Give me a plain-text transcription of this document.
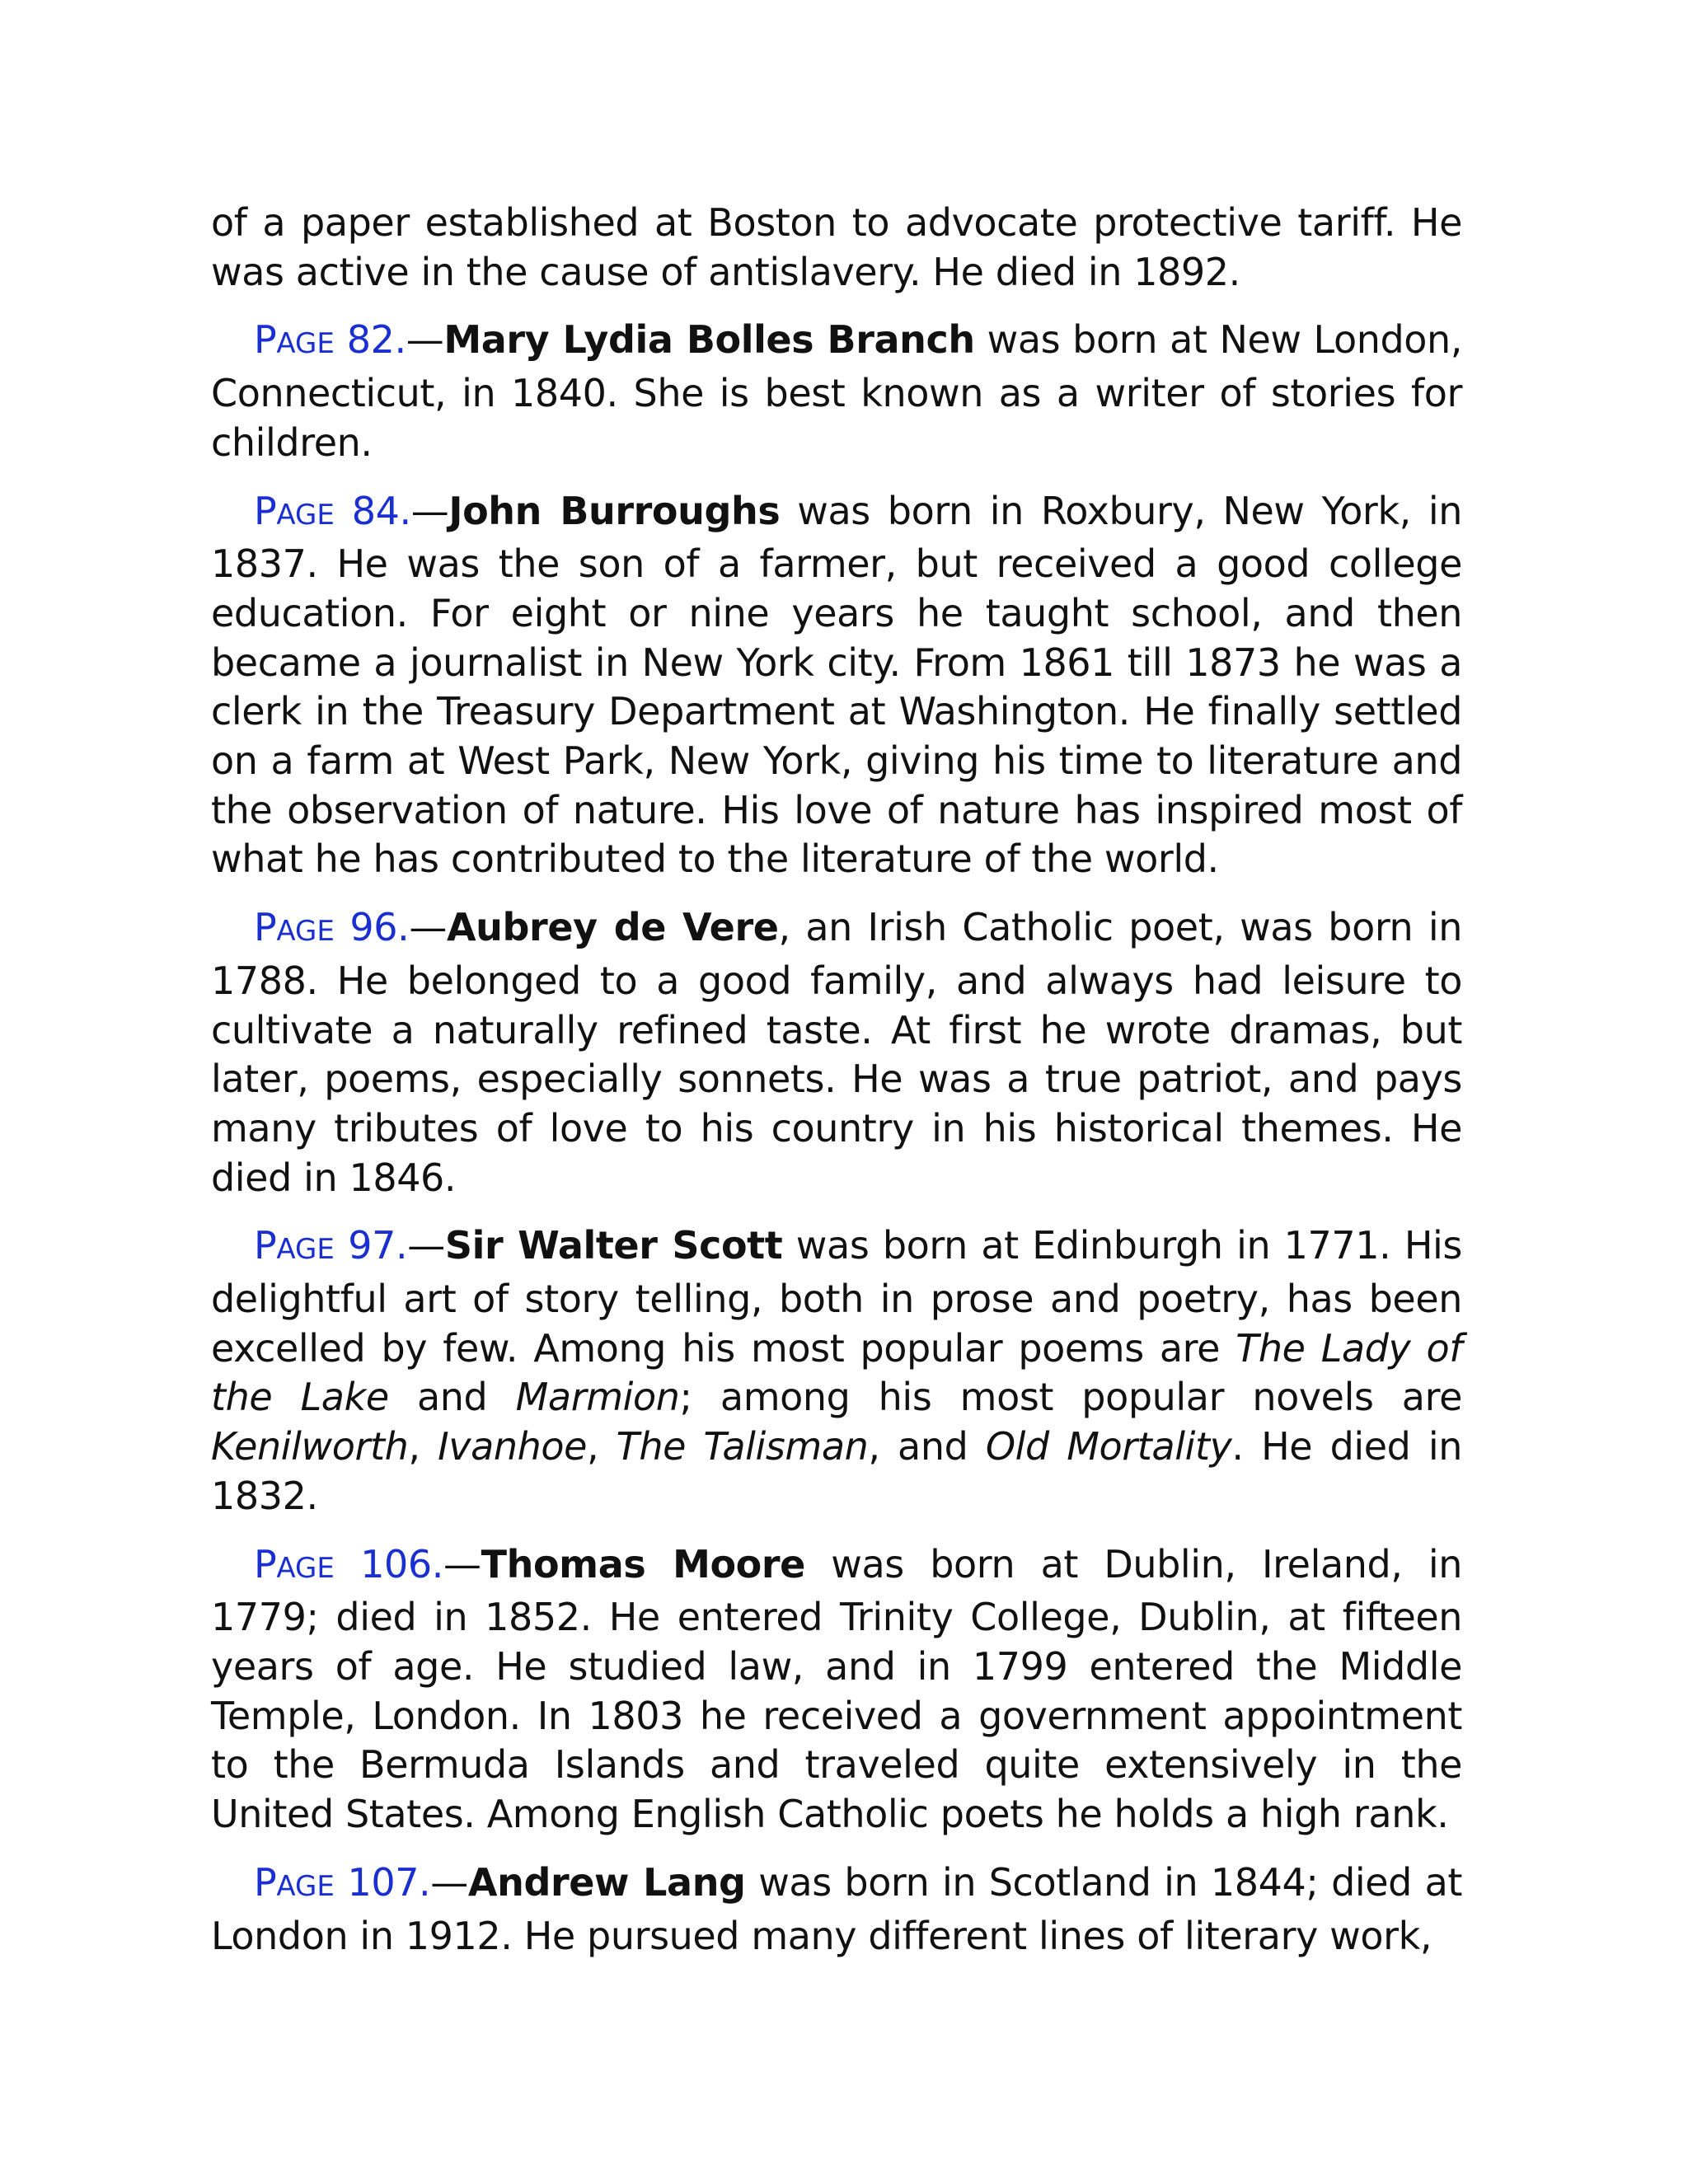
of a paper established at Boston to advocate protective tariff. He was active in the cause of antislavery. He died in 1892.

PAGE 82.—Mary Lydia Bolles Branch was born at New London, Connecticut, in 1840. She is best known as a writer of stories for children.

PAGE 84.—John Burroughs was born in Roxbury, New York, in 1837. He was the son of a farmer, but received a good college education. For eight or nine years he taught school, and then became a journalist in New York city. From 1861 till 1873 he was a clerk in the Treasury Department at Washington. He finally settled on a farm at West Park, New York, giving his time to literature and the observation of nature. His love of nature has inspired most of what he has contributed to the literature of the world.

PAGE 96.—Aubrey de Vere, an Irish Catholic poet, was born in 1788. He belonged to a good family, and always had leisure to cultivate a naturally refined taste. At first he wrote dramas, but later, poems, especially sonnets. He was a true patriot, and pays many tributes of love to his country in his historical themes. He died in 1846.

PAGE 97.—Sir Walter Scott was born at Edinburgh in 1771. His delightful art of story telling, both in prose and poetry, has been excelled by few. Among his most popular poems are The Lady of the Lake and Marmion; among his most popular novels are Kenilworth, Ivanhoe, The Talisman, and Old Mortality. He died in 1832.

PAGE 106.—Thomas Moore was born at Dublin, Ireland, in 1779; died in 1852. He entered Trinity College, Dublin, at fifteen years of age. He studied law, and in 1799 entered the Middle Temple, London. In 1803 he received a government appointment to the Bermuda Islands and traveled quite extensively in the United States. Among English Catholic poets he holds a high rank.

PAGE 107.—Andrew Lang was born in Scotland in 1844; died at London in 1912. He pursued many different lines of literary work,
